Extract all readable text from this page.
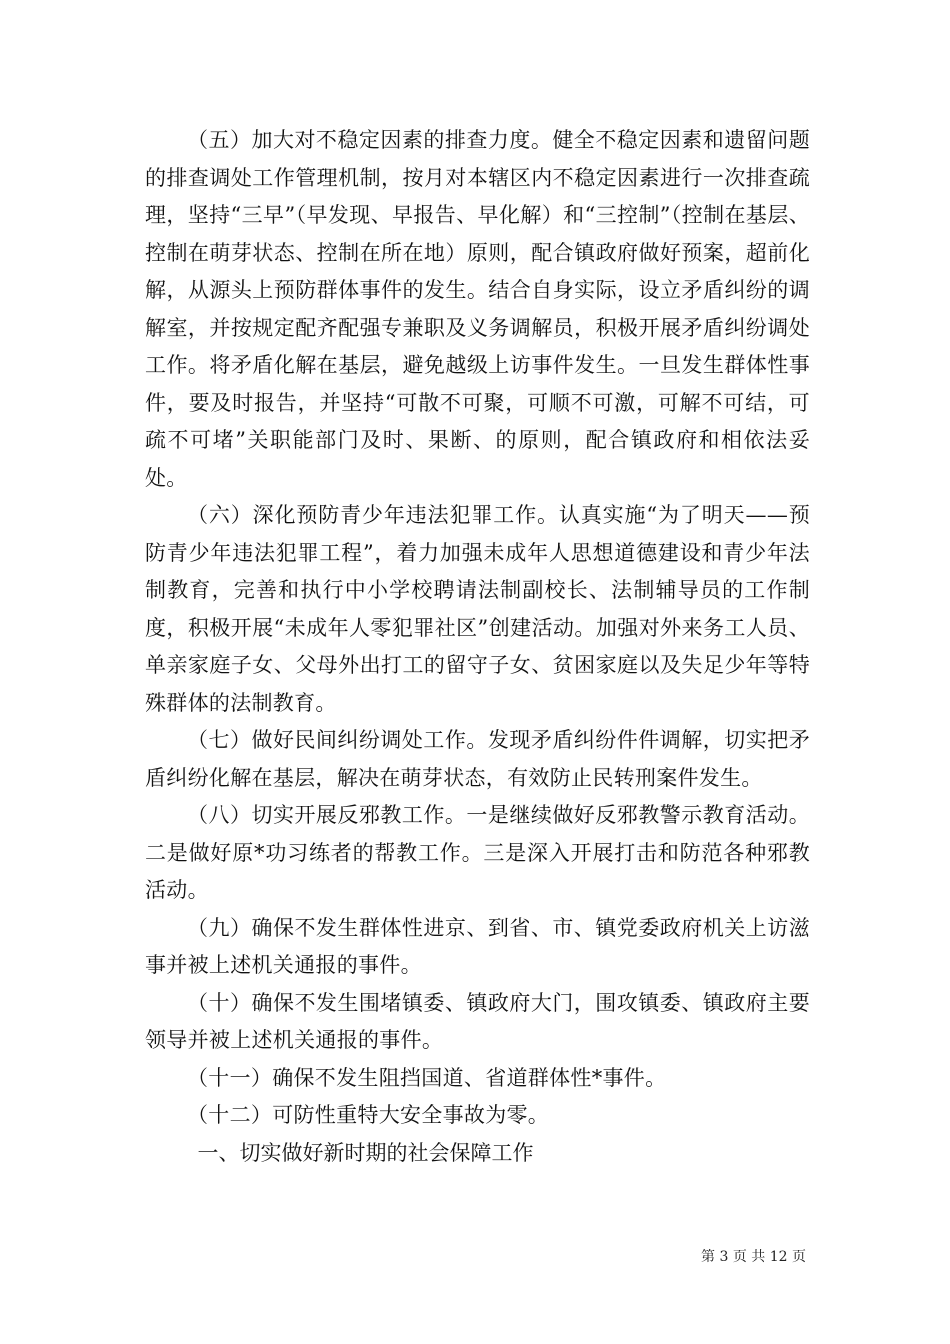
（五）加大对不稳定因素的排查力度。健全不稳定因素和遗留问题的排查调处工作管理机制，按月对本辖区内不稳定因素进行一次排查疏理，坚持“三早”（早发现、早报告、早化解）和“三控制”（控制在基层、控制在萌芽状态、控制在所在地）原则，配合镇政府做好预案，超前化解，从源头上预防群体事件的发生。结合自身实际，设立矛盾纠纷的调解室，并按规定配齐配强专兼职及义务调解员，积极开展矛盾纠纷调处工作。将矛盾化解在基层，避免越级上访事件发生。一旦发生群体性事件，要及时报告，并坚持“可散不可聚，可顺不可激，可解不可结，可疏不可堵”关职能部门及时、果断、的原则，配合镇政府和相依法妥处。

（六）深化预防青少年违法犯罪工作。认真实施“为了明天——预防青少年违法犯罪工程”，着力加强未成年人思想道德建设和青少年法制教育，完善和执行中小学校聘请法制副校长、法制辅导员的工作制度，积极开展“未成年人零犯罪社区”创建活动。加强对外来务工人员、单亲家庭子女、父母外出打工的留守子女、贫困家庭以及失足少年等特殊群体的法制教育。

（七）做好民间纠纷调处工作。发现矛盾纠纷件件调解，切实把矛盾纠纷化解在基层，解决在萌芽状态，有效防止民转刑案件发生。

（八）切实开展反邪教工作。一是继续做好反邪教警示教育活动。二是做好原*功习练者的帮教工作。三是深入开展打击和防范各种邪教活动。

（九）确保不发生群体性进京、到省、市、镇党委政府机关上访滋事并被上述机关通报的事件。

（十）确保不发生围堵镇委、镇政府大门，围攻镇委、镇政府主要领导并被上述机关通报的事件。

（十一）确保不发生阻挡国道、省道群体性*事件。

（十二）可防性重特大安全事故为零。

一、切实做好新时期的社会保障工作

第 3 页 共 12 页
